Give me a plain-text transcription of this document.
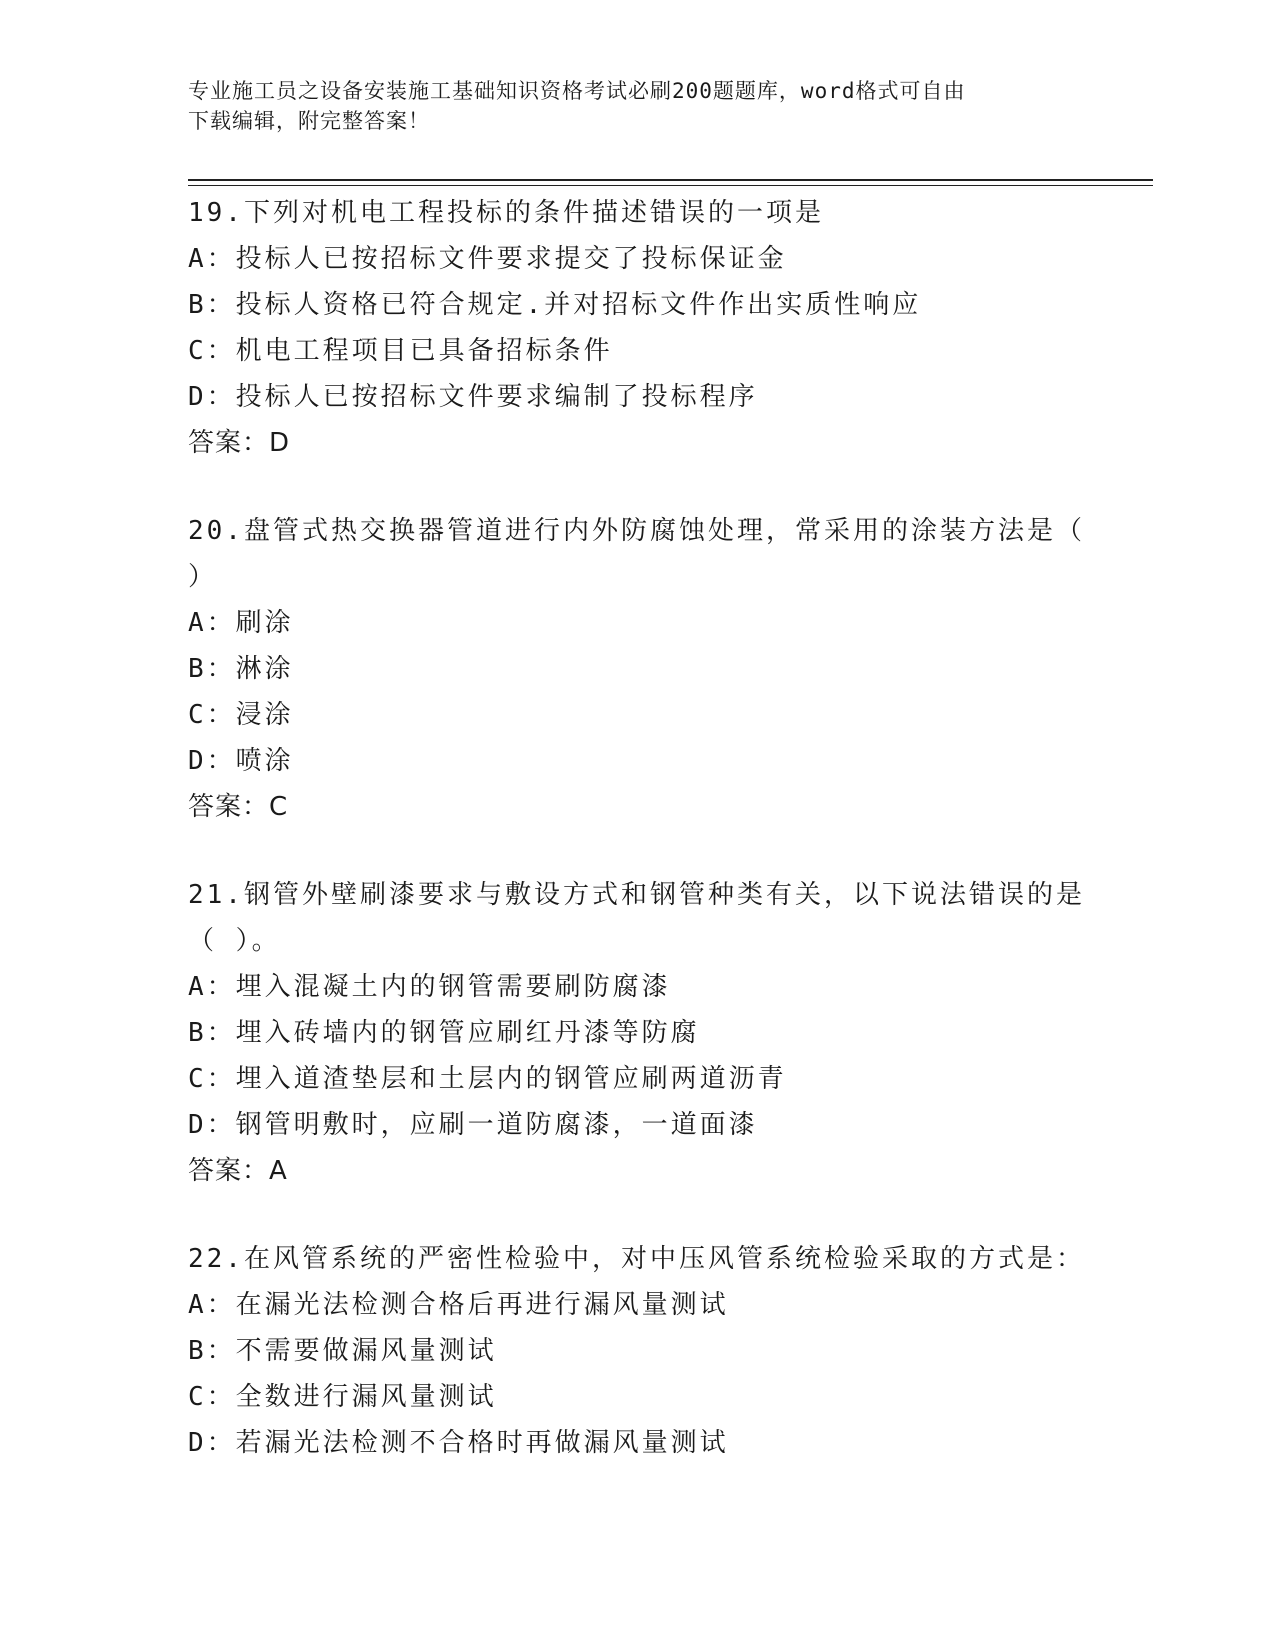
专业施工员之设备安装施工基础知识资格考试必刷200题题库，word格式可自由
下载编辑，附完整答案！
19.下列对机电工程投标的条件描述错误的一项是
A：投标人已按招标文件要求提交了投标保证金
B：投标人资格已符合规定.并对招标文件作出实质性响应
C：机电工程项目已具备招标条件
D：投标人已按招标文件要求编制了投标程序
答案：D
20.盘管式热交换器管道进行内外防腐蚀处理，常采用的涂装方法是（
）
A：刷涂
B：淋涂
C：浸涂
D：喷涂
答案：C
21.钢管外壁刷漆要求与敷设方式和钢管种类有关，以下说法错误的是
（ ）。
A：埋入混凝土内的钢管需要刷防腐漆
B：埋入砖墙内的钢管应刷红丹漆等防腐
C：埋入道渣垫层和土层内的钢管应刷两道沥青
D：钢管明敷时，应刷一道防腐漆，一道面漆
答案：A
22.在风管系统的严密性检验中，对中压风管系统检验采取的方式是：
A：在漏光法检测合格后再进行漏风量测试
B：不需要做漏风量测试
C：全数进行漏风量测试
D：若漏光法检测不合格时再做漏风量测试
